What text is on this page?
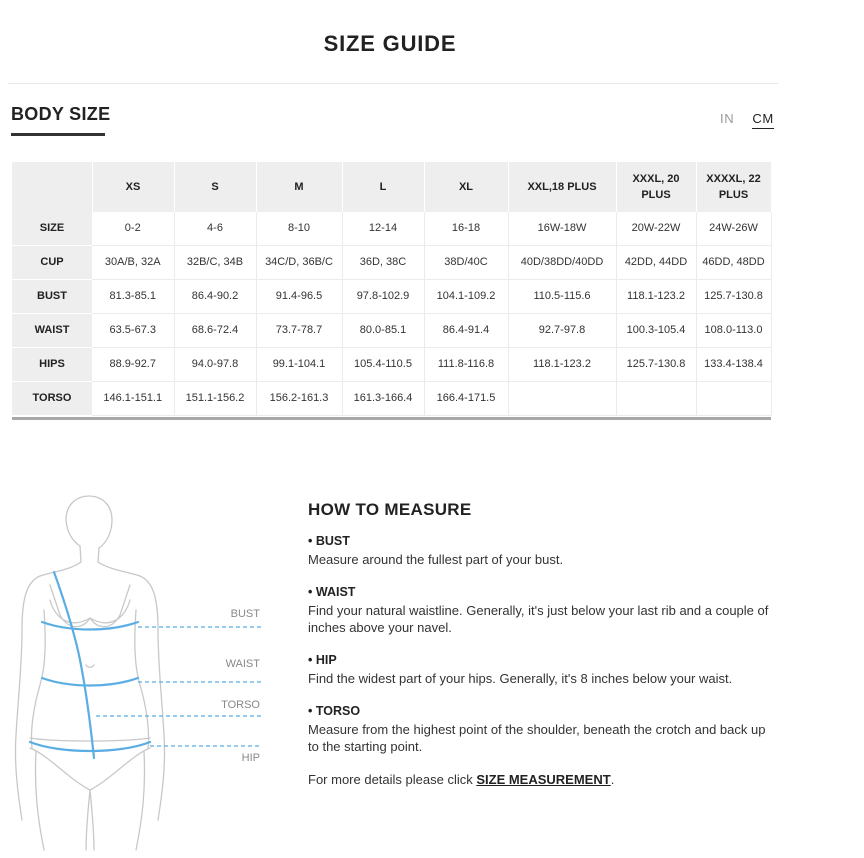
SIZE GUIDE
BODY SIZE	IN CM
	XS	S	M	L	XL	XXL,18 PLUS	XXXL, 20 PLUS	XXXXL, 22 PLUS
SIZE	0-2	4-6	8-10	12-14	16-18	16W-18W	20W-22W	24W-26W
CUP	30A/B, 32A	32B/C, 34B	34C/D, 36B/C	36D, 38C	38D/40C	40D/38DD/40DD	42DD, 44DD	46DD, 48DD
BUST	81.3-85.1	86.4-90.2	91.4-96.5	97.8-102.9	104.1-109.2	110.5-115.6	118.1-123.2	125.7-130.8
WAIST	63.5-67.3	68.6-72.4	73.7-78.7	80.0-85.1	86.4-91.4	92.7-97.8	100.3-105.4	108.0-113.0
HIPS	88.9-92.7	94.0-97.8	99.1-104.1	105.4-110.5	111.8-116.8	118.1-123.2	125.7-130.8	133.4-138.4
TORSO	146.1-151.1	151.1-156.2	156.2-161.3	161.3-166.4	166.4-171.5			
BUST
WAIST
TORSO
HIP
HOW TO MEASURE
• BUST
Measure around the fullest part of your bust.
• WAIST
Find your natural waistline. Generally, it's just below your last rib and a couple of inches above your navel.
• HIP
Find the widest part of your hips. Generally, it's 8 inches below your waist.
• TORSO
Measure from the highest point of the shoulder, beneath the crotch and back up to the starting point.
For more details please click SIZE MEASUREMENT.
